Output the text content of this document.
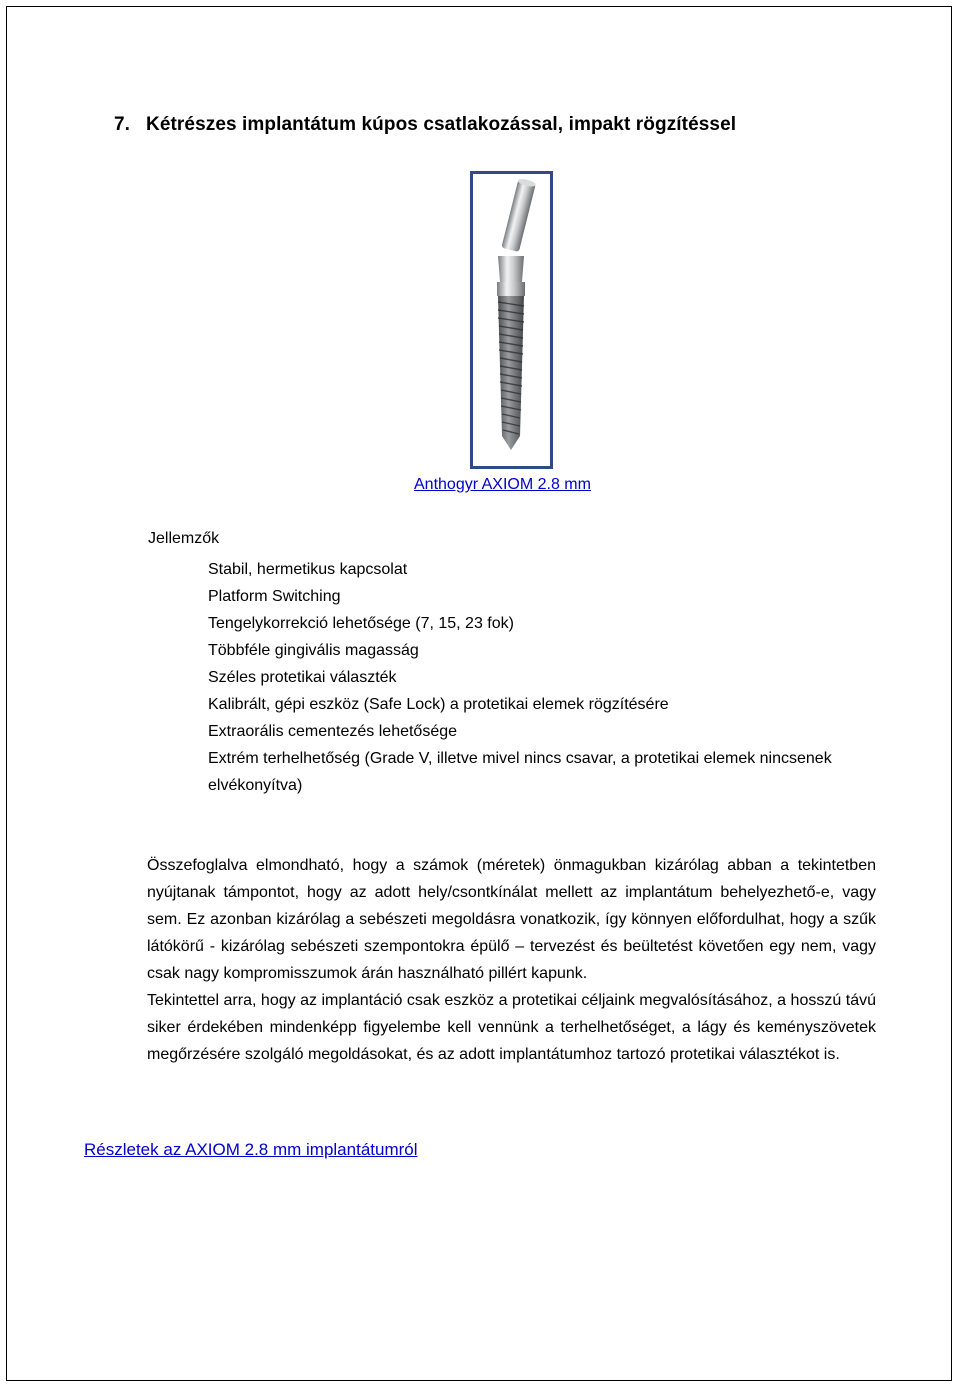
7. Kétrészes implantátum kúpos csatlakozással, impakt rögzítéssel
Anthogyr AXIOM 2.8 mm
Jellemzők
Stabil, hermetikus kapcsolat
Platform Switching
Tengelykorrekció lehetősége (7, 15, 23 fok)
Többféle gingivális magasság
Széles protetikai választék
Kalibrált, gépi eszköz (Safe Lock) a protetikai elemek rögzítésére
Extraorális cementezés lehetősége
Extrém terhelhetőség (Grade V, illetve mivel nincs csavar, a protetikai elemek nincsenek elvékonyítva)

Összefoglalva elmondható, hogy a számok (méretek) önmagukban kizárólag abban a tekintetben nyújtanak támpontot, hogy az adott hely/csontkínálat mellett az implantátum behelyezhető-e, vagy sem. Ez azonban kizárólag a sebészeti megoldásra vonatkozik, így könnyen előfordulhat, hogy a szűk látókörű - kizárólag sebészeti szempontokra épülő – tervezést és beültetést követően egy nem, vagy csak nagy kompromisszumok árán használható pillért kapunk.

Tekintettel arra, hogy az implantáció csak eszköz a protetikai céljaink megvalósításához, a hosszú távú siker érdekében mindenképp figyelembe kell vennünk a terhelhetőséget, a lágy és keményszövetek megőrzésére szolgáló megoldásokat, és az adott implantátumhoz tartozó protetikai választékot is.

Részletek az AXIOM 2.8 mm implantátumról
